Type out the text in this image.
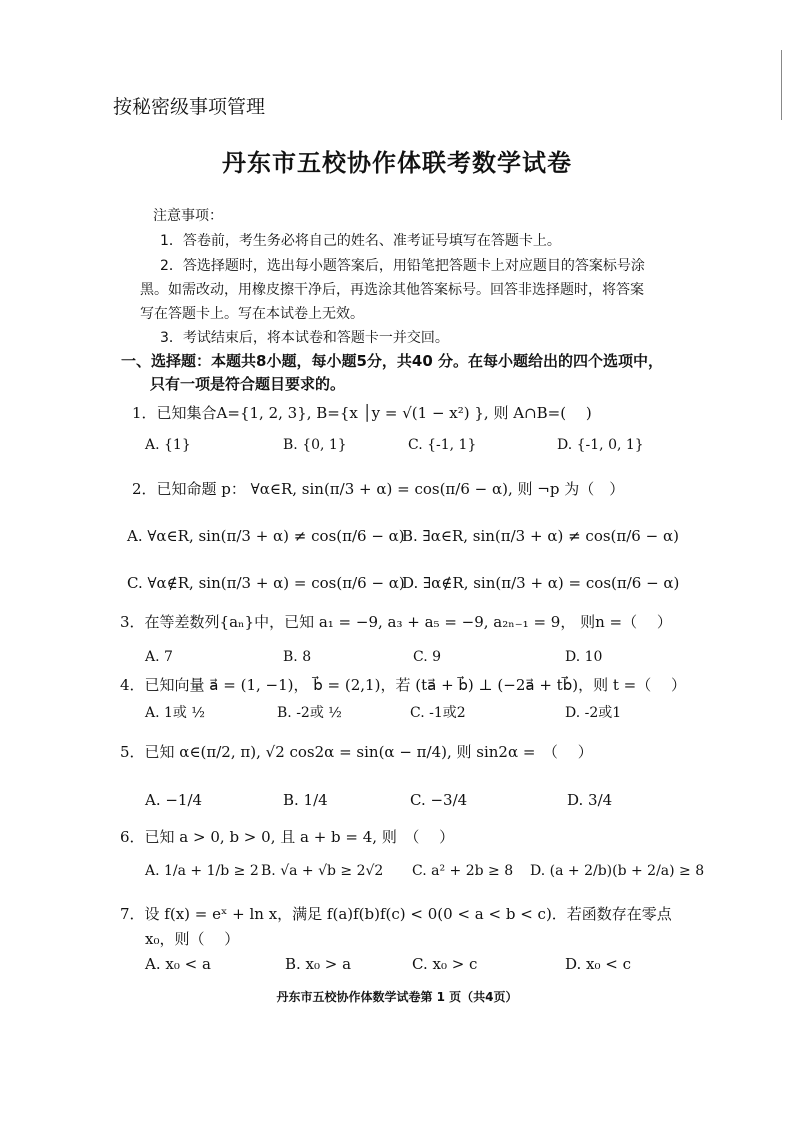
按秘密级事项管理
丹东市五校协作体联考数学试卷
注意事项：
1．答卷前，考生务必将自己的姓名、准考证号填写在答题卡上。
2．答选择题时，选出每小题答案后，用铅笔把答题卡上对应题目的答案标号涂
黑。如需改动，用橡皮擦干净后，再选涂其他答案标号。回答非选择题时，将答案
写在答题卡上。写在本试卷上无效。
3．考试结束后，将本试卷和答题卡一并交回。
一、选择题：本题共8小题，每小题5分，共40 分。在每小题给出的四个选项中，
只有一项是符合题目要求的。
1．已知集合A={1, 2, 3}, B={x │y = √(1 − x²) }, 则 A∩B=(　 )
A. {1}	B. {0, 1}	C. {-1, 1}	D. {-1, 0, 1}
2．已知命题 p： ∀α∈R, sin(π/3 + α) = cos(π/6 − α), 则 ¬p 为（　）
A. ∀α∈R, sin(π/3 + α) ≠ cos(π/6 − α)
B. ∃α∈R, sin(π/3 + α) ≠ cos(π/6 − α)
C. ∀α∉R, sin(π/3 + α) = cos(π/6 − α)
D. ∃α∉R, sin(π/3 + α) = cos(π/6 − α)
3．在等差数列{aₙ}中，已知 a₁ = −9, a₃ + a₅ = −9, a₂ₙ₋₁ = 9， 则n =（　 ）
A. 7	B. 8	C. 9	D. 10
4．已知向量 a⃗ = (1, −1)， b⃗ = (2,1)，若 (ta⃗ + b⃗) ⊥ (−2a⃗ + tb⃗)，则 t =（　 ）
A. 1或 ½	B. -2或 ½	C. -1或2	D. -2或1
5．已知 α∈(π/2, π), √2 cos2α = sin(α − π/4), 则 sin2α =　（　 ）
A. −1/4	B. 1/4	C. −3/4	D. 3/4
6．已知 a > 0, b > 0, 且 a + b = 4, 则　（　 ）
A. 1/a + 1/b ≥ 2 B. √a + √b ≥ 2√2 C. a² + 2b ≥ 8 D. (a + 2/b)(b + 2/a) ≥ 8
7．设 f(x) = eˣ + ln x，满足 f(a)f(b)f(c) < 0(0 < a < b < c)．若函数存在零点
x₀，则（　 ）
A. x₀ < a	B. x₀ > a	C. x₀ > c	D. x₀ < c
丹东市五校协作体数学试卷第 1 页（共4页）
